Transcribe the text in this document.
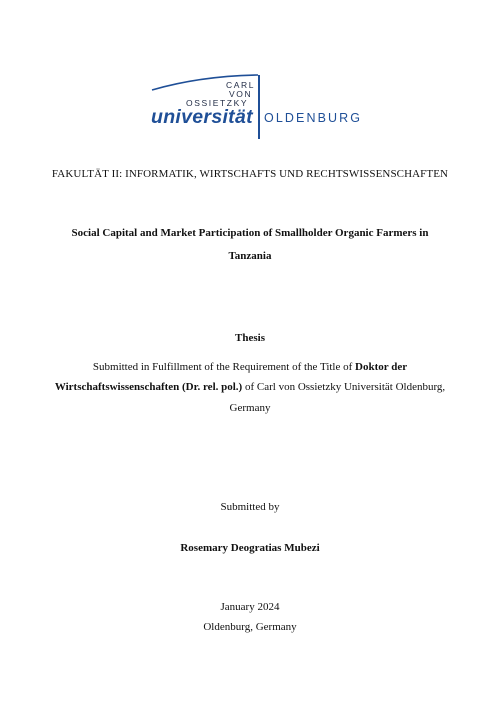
CARL
VON
OSSIETZKY
universität OLDENBURG
FAKULTÄT II: INFORMATIK, WIRTSCHAFTS UND RECHTSWISSENSCHAFTEN
Social Capital and Market Participation of Smallholder Organic Farmers in
Tanzania
Thesis
Submitted in Fulfillment of the Requirement of the Title of Doktor der
Wirtschaftswissenschaften (Dr. rel. pol.) of Carl von Ossietzky Universität Oldenburg,
Germany
Submitted by
Rosemary Deogratias Mubezi
January 2024
Oldenburg, Germany
